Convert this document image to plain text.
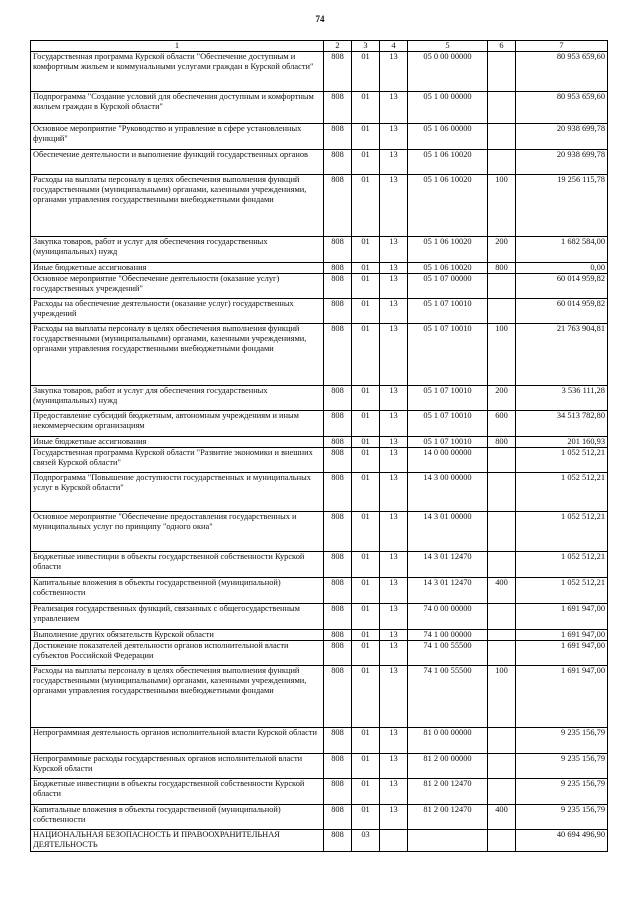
74
1	2	3	4	5	6	7
Государственная программа Курской области "Обеспечение доступным и комфортным жильем и коммунальными услугами граждан в Курской области"	808	01	13	05 0 00 00000		80 953 659,60
Подпрограмма "Создание условий для обеспечения доступным и комфортным жильем граждан в Курской области"	808	01	13	05 1 00 00000		80 953 659,60
Основное мероприятие "Руководство и управление в сфере установленных функций"	808	01	13	05 1 06 00000		20 938 699,78
Обеспечение деятельности и выполнение функций государственных органов	808	01	13	05 1 06 10020		20 938 699,78
Расходы на выплаты персоналу в целях обеспечения выполнения функций государственными (муниципальными) органами, казенными учреждениями, органами управления государственными внебюджетными фондами	808	01	13	05 1 06 10020	100	19 256 115,78
Закупка товаров, работ и услуг для обеспечения государственных (муниципальных) нужд	808	01	13	05 1 06 10020	200	1 682 584,00
Иные бюджетные ассигнования	808	01	13	05 1 06 10020	800	0,00
Основное мероприятие "Обеспечение деятельности (оказание услуг) государственных учреждений"	808	01	13	05 1 07 00000		60 014 959,82
Расходы на обеспечение деятельности (оказание услуг) государственных учреждений	808	01	13	05 1 07 10010		60 014 959,82
Расходы на выплаты персоналу в целях обеспечения выполнения функций государственными (муниципальными) органами, казенными учреждениями, органами управления государственными внебюджетными фондами	808	01	13	05 1 07 10010	100	21 763 904,81
Закупка товаров, работ и услуг для обеспечения государственных (муниципальных) нужд	808	01	13	05 1 07 10010	200	3 536 111,28
Предоставление субсидий бюджетным, автономным учреждениям и иным некоммерческим организациям	808	01	13	05 1 07 10010	600	34 513 782,80
Иные бюджетные ассигнования	808	01	13	05 1 07 10010	800	201 160,93
Государственная программа Курской области "Развитие экономики и внешних связей Курской области"	808	01	13	14 0 00 00000		1 052 512,21
Подпрограмма "Повышение доступности государственных и муниципальных услуг в Курской области"	808	01	13	14 3 00 00000		1 052 512,21
Основное мероприятие "Обеспечение предоставления государственных и муниципальных услуг по принципу "одного окна"	808	01	13	14 3 01 00000		1 052 512,21
Бюджетные инвестиции в объекты государственной собственности Курской области	808	01	13	14 3 01 12470		1 052 512,21
Капитальные вложения в объекты государственной (муниципальной) собственности	808	01	13	14 3 01 12470	400	1 052 512,21
Реализация государственных функций, связанных с общегосударственным управлением	808	01	13	74 0 00 00000		1 691 947,00
Выполнение других обязательств Курской области	808	01	13	74 1 00 00000		1 691 947,00
Достижение показателей деятельности органов исполнительной власти субъектов Российской Федерации	808	01	13	74 1 00 55500		1 691 947,00
Расходы на выплаты персоналу в целях обеспечения выполнения функций государственными (муниципальными) органами, казенными учреждениями, органами управления государственными внебюджетными фондами	808	01	13	74 1 00 55500	100	1 691 947,00
Непрограммная деятельность органов исполнительной власти Курской области	808	01	13	81 0 00 00000		9 235 156,79
Непрограммные расходы государственных органов исполнительной власти Курской области	808	01	13	81 2 00 00000		9 235 156,79
Бюджетные инвестиции в объекты государственной собственности Курской области	808	01	13	81 2 00 12470		9 235 156,79
Капитальные вложения в объекты государственной (муниципальной) собственности	808	01	13	81 2 00 12470	400	9 235 156,79
НАЦИОНАЛЬНАЯ БЕЗОПАСНОСТЬ И ПРАВООХРАНИТЕЛЬНАЯ ДЕЯТЕЛЬНОСТЬ	808	03				40 694 496,90
